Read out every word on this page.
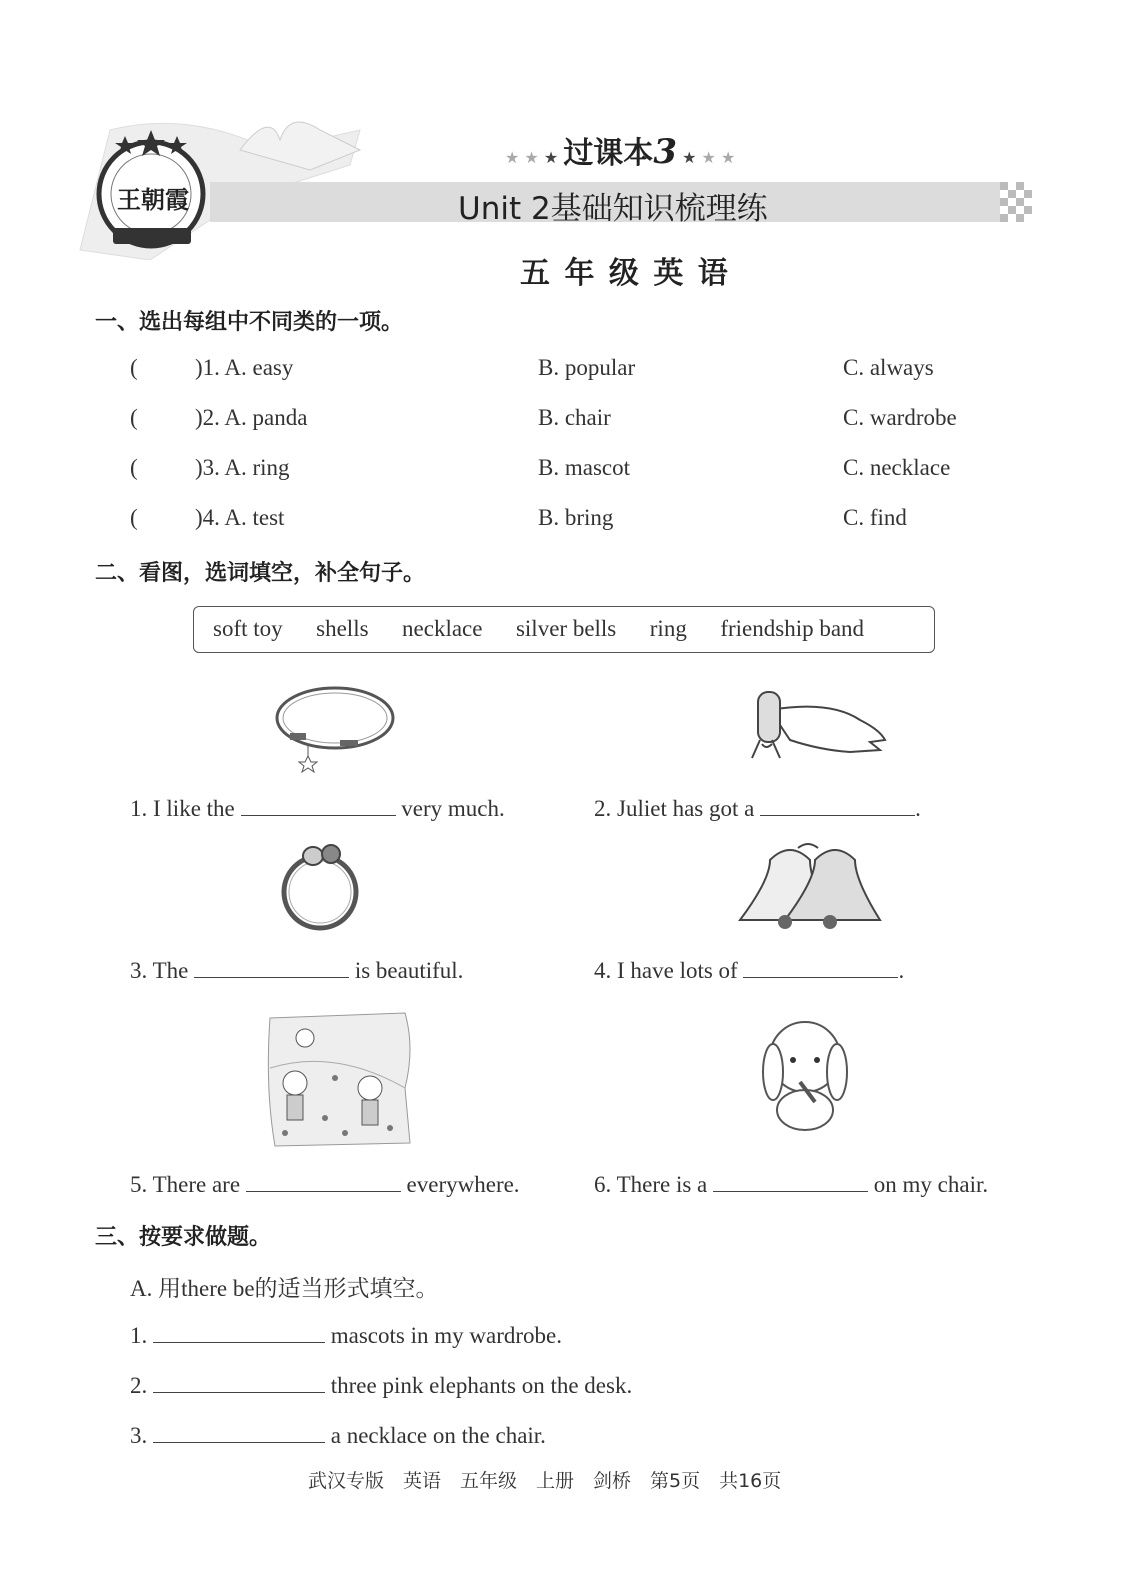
王朝霞
★ ★ ★ 过课本3 ★ ★ ★
Unit 2基础知识梳理练
五 年 级 英 语
一、选出每组中不同类的一项。
( )1. A. easy	B. popular	C. always
( )2. A. panda	B. chair	C. wardrobe
( )3. A. ring	B. mascot	C. necklace
( )4. A. test	B. bring	C. find
二、看图，选词填空，补全句子。
soft toy shells necklace silver bells ring friendship band
1. I like the	very much.	2. Juliet has got a	.
3. The	is beautiful.	4. I have lots of	.
5. There are	everywhere.	6. There is a	on my chair.
三、按要求做题。
A. 用there be的适当形式填空。
1.	mascots in my wardrobe.
2.	three pink elephants on the desk.
3.	a necklace on the chair.
武汉专版　英语　五年级　上册　剑桥　第5页　共16页
